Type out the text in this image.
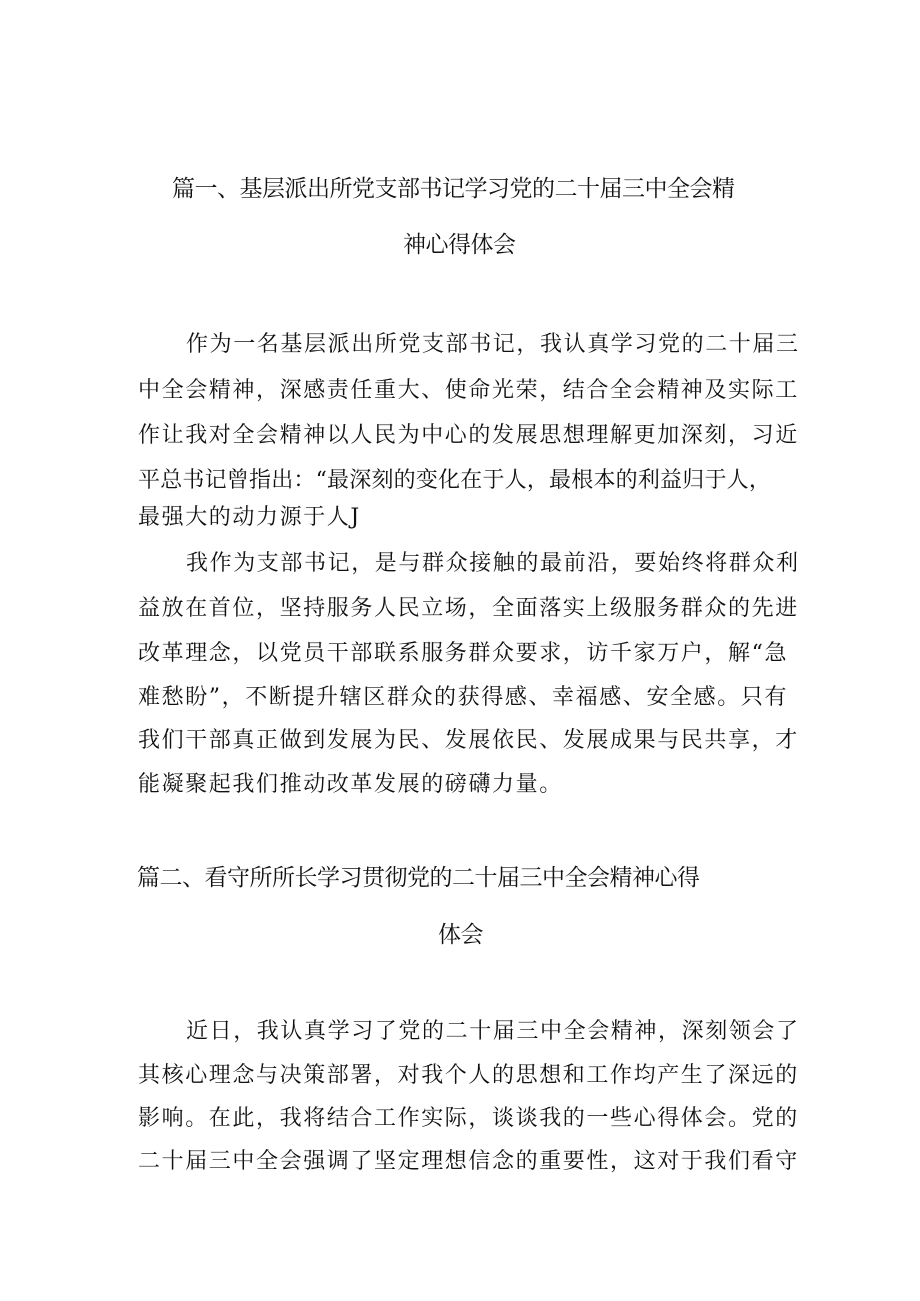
篇一、基层派出所党支部书记学习党的二十届三中全会精
神心得体会
作为一名基层派出所党支部书记，我认真学习党的二十届三
中全会精神，深感责任重大、使命光荣，结合全会精神及实际工
作让我对全会精神以人民为中心的发展思想理解更加深刻，习近
平总书记曾指出：“最深刻的变化在于人，最根本的利益归于人，
最强大的动力源于人J
我作为支部书记，是与群众接触的最前沿，要始终将群众利
益放在首位，坚持服务人民立场，全面落实上级服务群众的先进
改革理念，以党员干部联系服务群众要求，访千家万户，解“急
难愁盼”，不断提升辖区群众的获得感、幸福感、安全感。只有
我们干部真正做到发展为民、发展依民、发展成果与民共享，才
能凝聚起我们推动改革发展的磅礴力量。
篇二、看守所所长学习贯彻党的二十届三中全会精神心得
体会
近日，我认真学习了党的二十届三中全会精神，深刻领会了
其核心理念与决策部署，对我个人的思想和工作均产生了深远的
影响。在此，我将结合工作实际，谈谈我的一些心得体会。党的
二十届三中全会强调了坚定理想信念的重要性，这对于我们看守
